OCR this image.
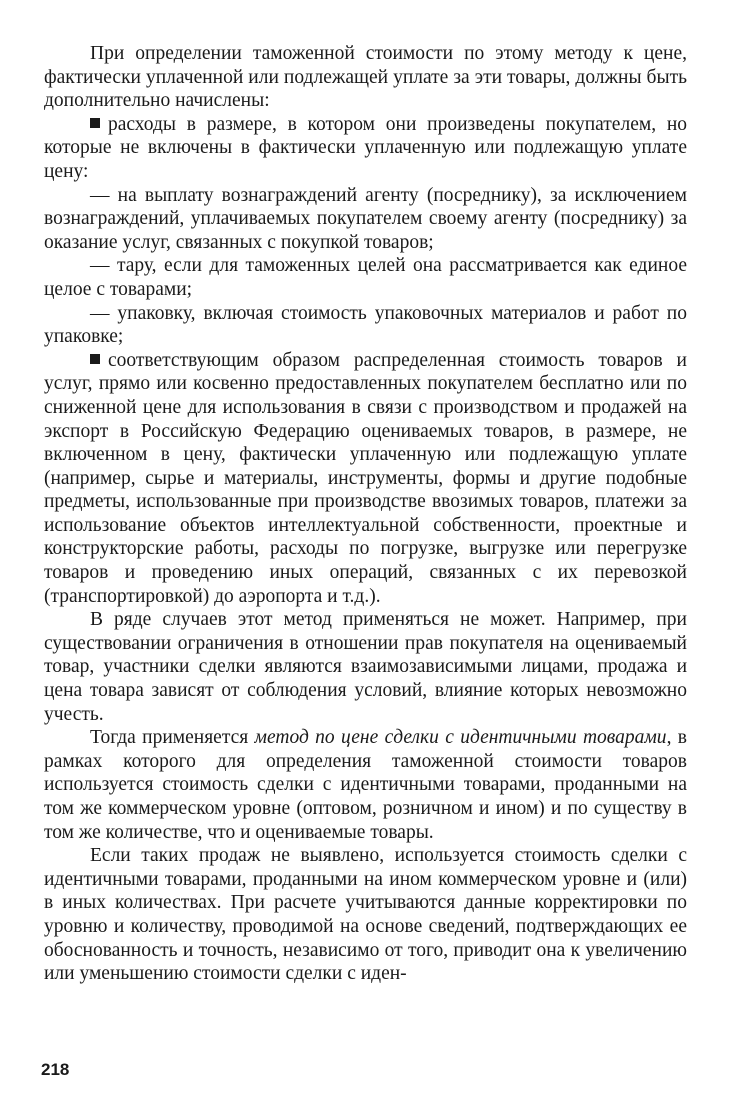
При определении таможенной стоимости по этому методу к цене, фактически уплаченной или подлежащей уплате за эти товары, должны быть дополнительно начислены:

расходы в размере, в котором они произведены покупателем, но которые не включены в фактически уплаченную или подлежащую уплате цену:

— на выплату вознаграждений агенту (посреднику), за исключением вознаграждений, уплачиваемых покупателем своему агенту (посреднику) за оказание услуг, связанных с покупкой товаров;

— тару, если для таможенных целей она рассматривается как единое целое с товарами;

— упаковку, включая стоимость упаковочных материалов и работ по упаковке;

соответствующим образом распределенная стоимость товаров и услуг, прямо или косвенно предоставленных покупателем бесплатно или по сниженной цене для использования в связи с производством и продажей на экспорт в Российскую Федерацию оцениваемых товаров, в размере, не включенном в цену, фактически уплаченную или подлежащую уплате (например, сырье и материалы, инструменты, формы и другие подобные предметы, использованные при производстве ввозимых товаров, платежи за использование объектов интеллектуальной собственности, проектные и конструкторские работы, расходы по погрузке, выгрузке или перегрузке товаров и проведению иных операций, связанных с их перевозкой (транспортировкой) до аэропорта и т.д.).

В ряде случаев этот метод применяться не может. Например, при существовании ограничения в отношении прав покупателя на оцениваемый товар, участники сделки являются взаимозависимыми лицами, продажа и цена товара зависят от соблюдения условий, влияние которых невозможно учесть.

Тогда применяется метод по цене сделки с идентичными товарами, в рамках которого для определения таможенной стоимости товаров используется стоимость сделки с идентичными товарами, проданными на том же коммерческом уровне (оптовом, розничном и ином) и по существу в том же количестве, что и оцениваемые товары.

Если таких продаж не выявлено, используется стоимость сделки с идентичными товарами, проданными на ином коммерческом уровне и (или) в иных количествах. При расчете учитываются данные корректировки по уровню и количеству, проводимой на основе сведений, подтверждающих ее обоснованность и точность, независимо от того, приводит она к увеличению или уменьшению стоимости сделки с иден-

218
